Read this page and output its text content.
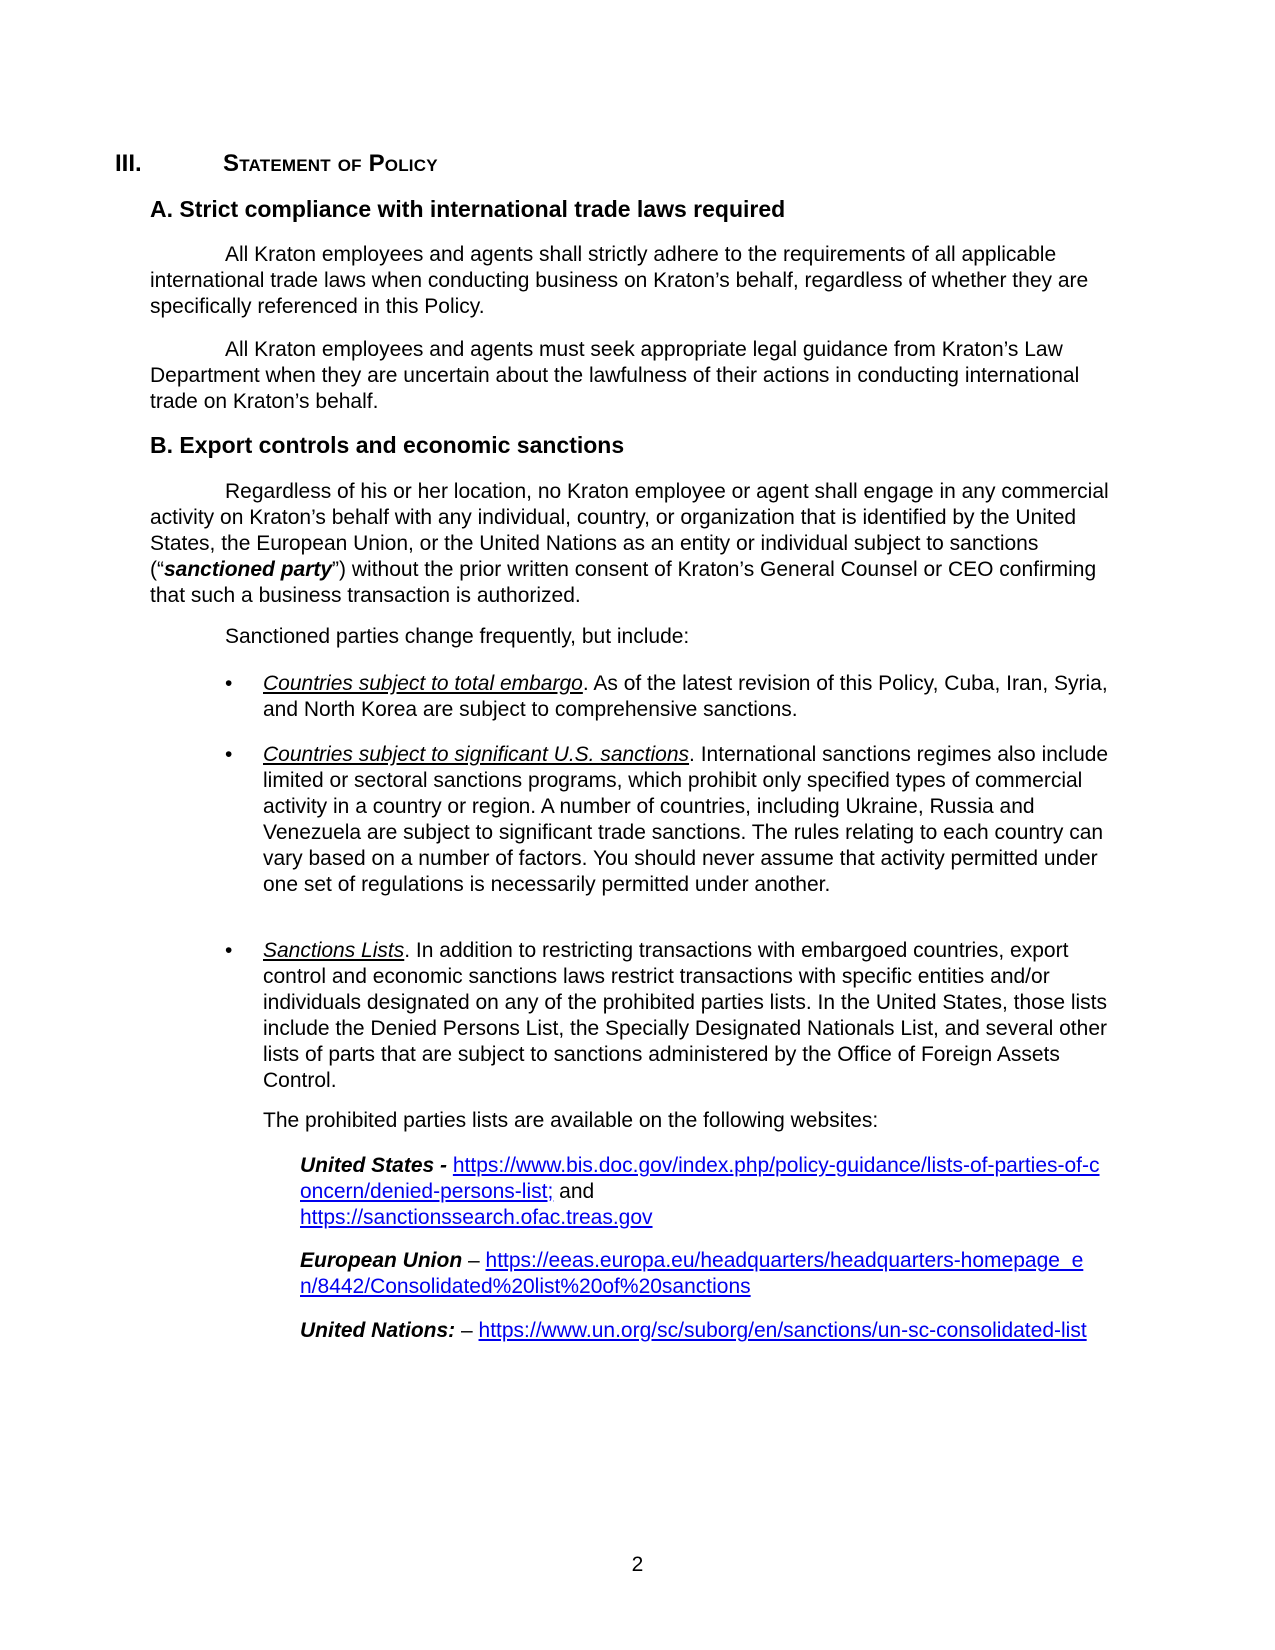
III.	Statement of Policy
A. Strict compliance with international trade laws required

All Kraton employees and agents shall strictly adhere to the requirements of all applicable international trade laws when conducting business on Kraton’s behalf, regardless of whether they are specifically referenced in this Policy.

All Kraton employees and agents must seek appropriate legal guidance from Kraton’s Law Department when they are uncertain about the lawfulness of their actions in conducting international trade on Kraton’s behalf.

B. Export controls and economic sanctions

Regardless of his or her location, no Kraton employee or agent shall engage in any commercial activity on Kraton’s behalf with any individual, country, or organization that is identified by the United States, the European Union, or the United Nations as an entity or individual subject to sanctions (“sanctioned party”) without the prior written consent of Kraton’s General Counsel or CEO confirming that such a business transaction is authorized.

Sanctioned parties change frequently, but include:

• Countries subject to total embargo. As of the latest revision of this Policy, Cuba, Iran, Syria, and North Korea are subject to comprehensive sanctions.
• Countries subject to significant U.S. sanctions. International sanctions regimes also include limited or sectoral sanctions programs, which prohibit only specified types of commercial activity in a country or region. A number of countries, including Ukraine, Russia and Venezuela are subject to significant trade sanctions. The rules relating to each country can vary based on a number of factors. You should never assume that activity permitted under one set of regulations is necessarily permitted under another.
• Sanctions Lists. In addition to restricting transactions with embargoed countries, export control and economic sanctions laws restrict transactions with specific entities and/or individuals designated on any of the prohibited parties lists. In the United States, those lists include the Denied Persons List, the Specially Designated Nationals List, and several other lists of parts that are subject to sanctions administered by the Office of Foreign Assets Control.

The prohibited parties lists are available on the following websites:

United States - https://www.bis.doc.gov/index.php/policy-guidance/lists-of-parties-of-concern/denied-persons-list; and
https://sanctionssearch.ofac.treas.gov

European Union – https://eeas.europa.eu/headquarters/headquarters-homepage_en/8442/Consolidated%20list%20of%20sanctions

United Nations: – https://www.un.org/sc/suborg/en/sanctions/un-sc-consolidated-list

2
